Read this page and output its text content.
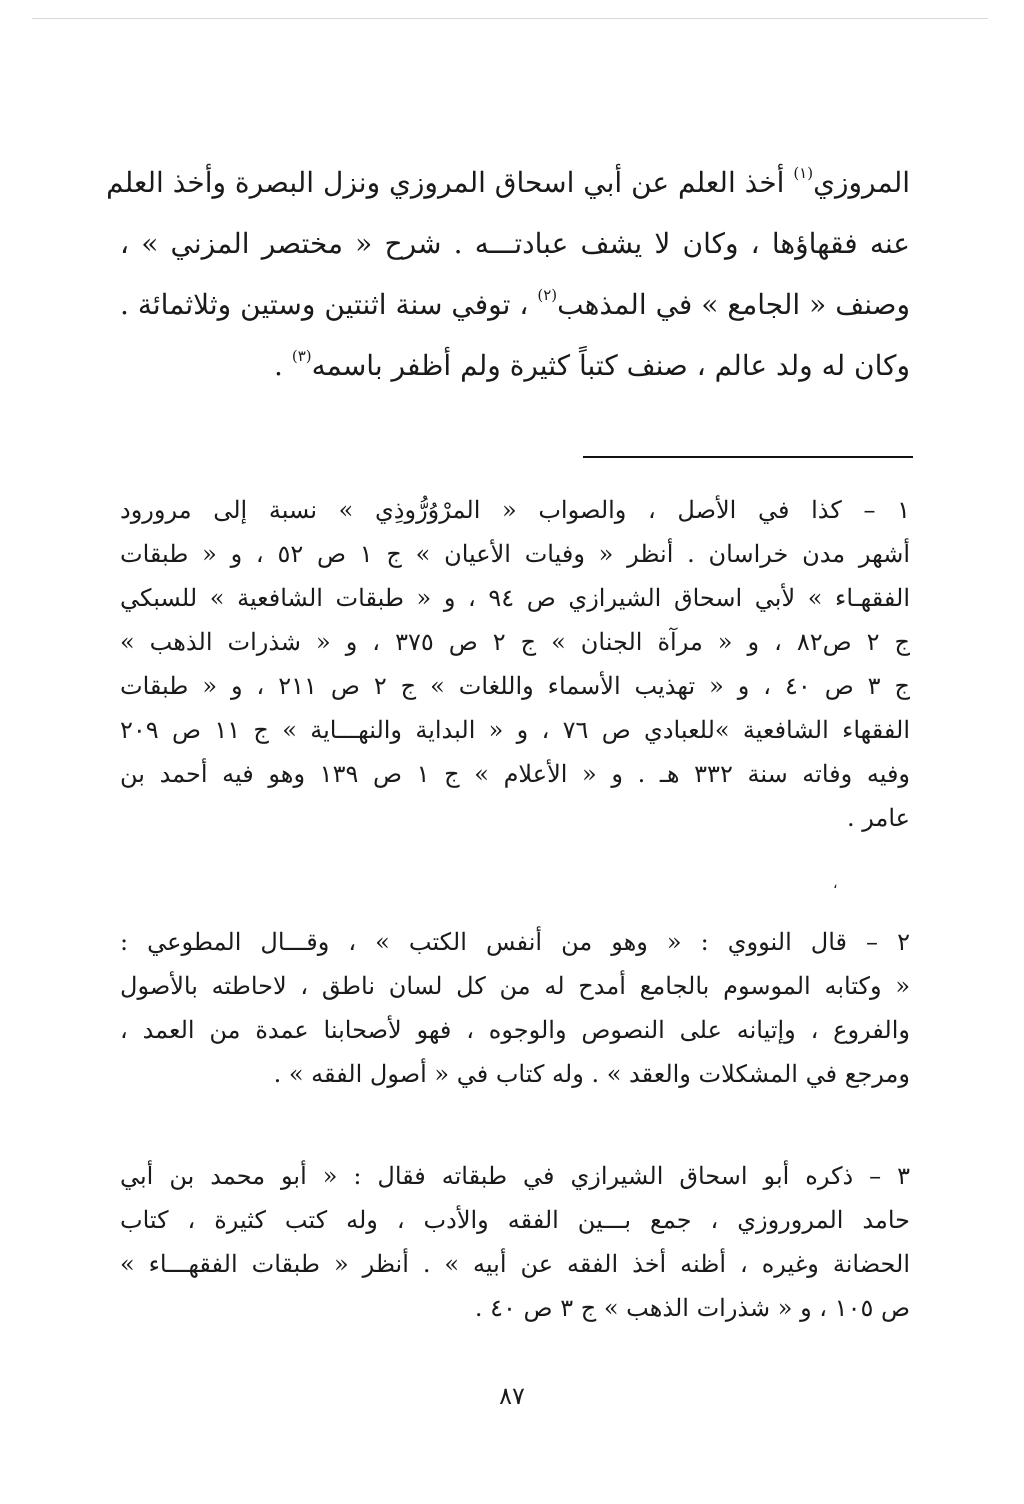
المروزي$^{(١)}$ أخذ العلم عن أبي اسحاق المروزي ونزل البصرة وأخذ العلم
عنه فقهاؤها ، وكان لا يشف عبادتـــه . شرح « مختصر المزني » ،
وصنف « الجامع » في المذهب$^{(٢)}$ ، توفي سنة اثنتين وستين وثلاثمائة .
وكان له ولد عالم ، صنف كتباً كثيرة ولم أظفر باسمه$^{(٣)}$ .
١ – كذا في الأصل ، والصواب « المرْوُرُّوذِي » نسبة إلى مرورود
أشهر مدن خراسان . أنظر « وفيات الأعيان » ج ١ ص ٥٢ ، و « طبقات
الفقهـاء » لأبي اسحاق الشيرازي ص ٩٤ ، و « طبقات الشافعية » للسبكي
ج ٢ ص٨٢ ، و « مرآة الجنان » ج ٢ ص ٣٧٥ ، و « شذرات الذهب »
ج ٣ ص ٤٠ ، و « تهذيب الأسماء واللغات » ج ٢ ص ٢١١ ، و « طبقات
الفقهاء الشافعية »للعبادي ص ٧٦ ، و « البداية والنهـــاية » ج ١١ ص ٢٠٩
وفيه وفاته سنة ٣٣٢ هـ . و « الأعلام » ج ١ ص ١٣٩ وهو فيه أحمد بن
عامر .
،
٢ – قال النووي : « وهو من أنفس الكتب » ، وقـــال المطوعي :
« وكتابه الموسوم بالجامع أمدح له من كل لسان ناطق ، لاحاطته بالأصول
والفروع ، وإتيانه على النصوص والوجوه ، فهو لأصحابنا عمدة من العمد ،
ومرجع في المشكلات والعقد » . وله كتاب في « أصول الفقه » .
٣ – ذكره أبو اسحاق الشيرازي في طبقاته فقال : « أبو محمد بن أبي
حامد المروروزي ، جمع بـــين الفقه والأدب ، وله كتب كثيرة ، كتاب
الحضانة وغيره ، أظنه أخذ الفقه عن أبيه » . أنظر « طبقات الفقهـــاء »
ص ١٠٥ ، و « شذرات الذهب » ج ٣ ص ٤٠ .
٨٧
